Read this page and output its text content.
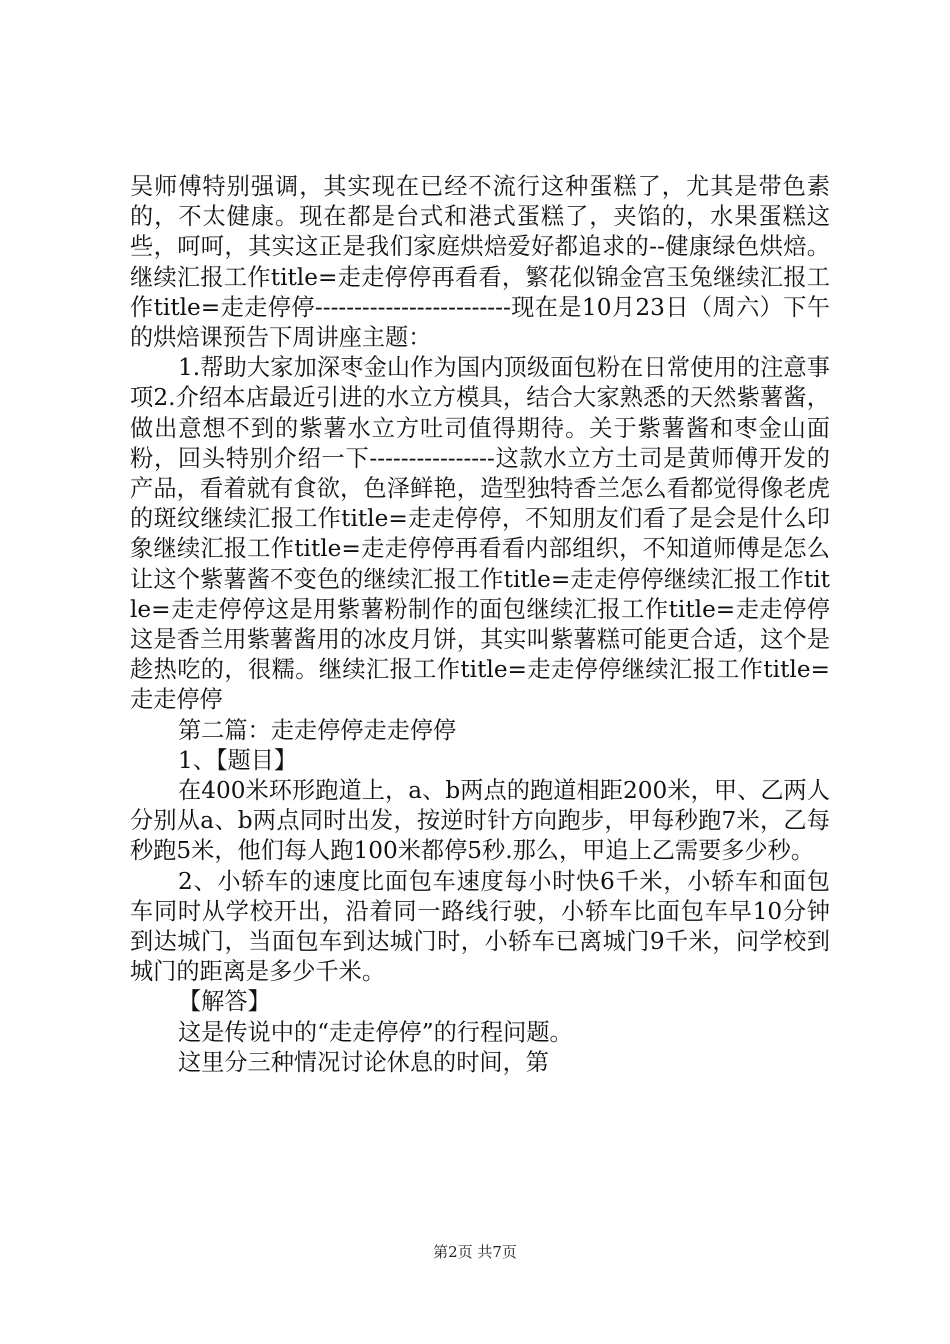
吴师傅特别强调，其实现在已经不流行这种蛋糕了，尤其是带色素的，不太健康。现在都是台式和港式蛋糕了，夹馅的，水果蛋糕这些，呵呵，其实这正是我们家庭烘焙爱好都追求的--健康绿色烘焙。继续汇报工作title=走走停停再看看，繁花似锦金宫玉兔继续汇报工作title=走走停停-------------------------现在是10月23日（周六）下午的烘焙课预告下周讲座主题：

1.帮助大家加深枣金山作为国内顶级面包粉在日常使用的注意事项2.介绍本店最近引进的水立方模具，结合大家熟悉的天然紫薯酱，做出意想不到的紫薯水立方吐司值得期待。关于紫薯酱和枣金山面粉，回头特别介绍一下----------------这款水立方土司是黄师傅开发的产品，看着就有食欲，色泽鲜艳，造型独特香兰怎么看都觉得像老虎的斑纹继续汇报工作title=走走停停，不知朋友们看了是会是什么印象继续汇报工作title=走走停停再看看内部组织，不知道师傅是怎么让这个紫薯酱不变色的继续汇报工作title=走走停停继续汇报工作title=走走停停这是用紫薯粉制作的面包继续汇报工作title=走走停停这是香兰用紫薯酱用的冰皮月饼，其实叫紫薯糕可能更合适，这个是趁热吃的，很糯。继续汇报工作title=走走停停继续汇报工作title=走走停停

第二篇：走走停停走走停停

1、【题目】

在400米环形跑道上，a、b两点的跑道相距200米，甲、乙两人分别从a、b两点同时出发，按逆时针方向跑步，甲每秒跑7米，乙每秒跑5米，他们每人跑100米都停5秒.那么，甲追上乙需要多少秒。

2、小轿车的速度比面包车速度每小时快6千米，小轿车和面包车同时从学校开出，沿着同一路线行驶，小轿车比面包车早10分钟到达城门，当面包车到达城门时，小轿车已离城门9千米，问学校到城门的距离是多少千米。

【解答】

这是传说中的“走走停停”的行程问题。

这里分三种情况讨论休息的时间，第

第2页 共7页
